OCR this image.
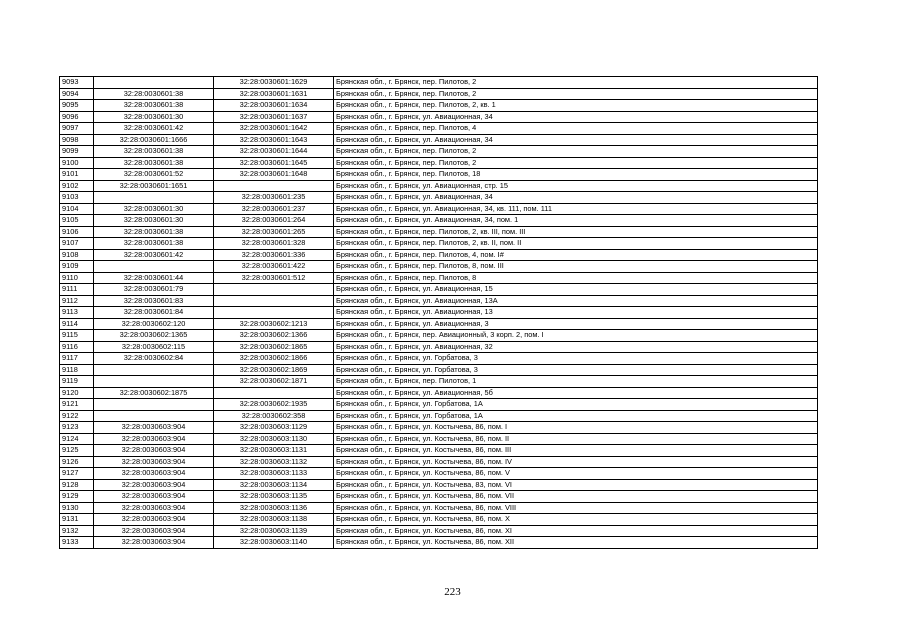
9093		32:28:0030601:1629	Брянская обл., г. Брянск, пер. Пилотов, 2
9094	32:28:0030601:38	32:28:0030601:1631	Брянская обл., г. Брянск, пер. Пилотов, 2
9095	32:28:0030601:38	32:28:0030601:1634	Брянская обл., г. Брянск, пер. Пилотов, 2, кв. 1
9096	32:28:0030601:30	32:28:0030601:1637	Брянская обл., г. Брянск, ул. Авиационная, 34
9097	32:28:0030601:42	32:28:0030601:1642	Брянская обл., г. Брянск, пер. Пилотов, 4
9098	32:28:0030601:1666	32:28:0030601:1643	Брянская обл., г. Брянск, ул. Авиационная, 34
9099	32:28:0030601:38	32:28:0030601:1644	Брянская обл., г. Брянск, пер. Пилотов, 2
9100	32:28:0030601:38	32:28:0030601:1645	Брянская обл., г. Брянск, пер. Пилотов, 2
9101	32:28:0030601:52	32:28:0030601:1648	Брянская обл., г. Брянск, пер. Пилотов, 18
9102	32:28:0030601:1651		Брянская обл., г. Брянск, ул. Авиационная, стр. 15
9103		32:28:0030601:235	Брянская обл., г. Брянск, ул. Авиационная, 34
9104	32:28:0030601:30	32:28:0030601:237	Брянская обл., г. Брянск, ул. Авиационная, 34, кв. 111, пом. 111
9105	32:28:0030601:30	32:28:0030601:264	Брянская обл., г. Брянск, ул. Авиационная, 34, пом. 1
9106	32:28:0030601:38	32:28:0030601:265	Брянская обл., г. Брянск, пер. Пилотов, 2, кв. III, пом. III
9107	32:28:0030601:38	32:28:0030601:328	Брянская обл., г. Брянск, пер. Пилотов, 2, кв. II, пом. II
9108	32:28:0030601:42	32:28:0030601:336	Брянская обл., г. Брянск, пер. Пилотов, 4, пом. I#
9109		32:28:0030601:422	Брянская обл., г. Брянск, пер. Пилотов, 8, пом. III
9110	32:28:0030601:44	32:28:0030601:512	Брянская обл., г. Брянск, пер. Пилотов, 8
9111	32:28:0030601:79		Брянская обл., г. Брянск, ул. Авиационная, 15
9112	32:28:0030601:83		Брянская обл., г. Брянск, ул. Авиационная, 13А
9113	32:28:0030601:84		Брянская обл., г. Брянск, ул. Авиационная, 13
9114	32:28:0030602:120	32:28:0030602:1213	Брянская обл., г. Брянск, ул. Авиационная, 3
9115	32:28:0030602:1365	32:28:0030602:1366	Брянская обл., г. Брянск, пер. Авиационный, 3 корп. 2, пом. I
9116	32:28:0030602:115	32:28:0030602:1865	Брянская обл., г. Брянск, ул. Авиационная, 32
9117	32:28:0030602:84	32:28:0030602:1866	Брянская обл., г. Брянск, ул. Горбатова, 3
9118		32:28:0030602:1869	Брянская обл., г. Брянск, ул. Горбатова, 3
9119		32:28:0030602:1871	Брянская обл., г. Брянск, пер. Пилотов, 1
9120	32:28:0030602:1875		Брянская обл., г. Брянск, ул. Авиационная, 5б
9121		32:28:0030602:1935	Брянская обл., г. Брянск, ул. Горбатова, 1А
9122		32:28:0030602:358	Брянская обл., г. Брянск, ул. Горбатова, 1А
9123	32:28:0030603:904	32:28:0030603:1129	Брянская обл., г. Брянск, ул. Костычева, 86, пом. I
9124	32:28:0030603:904	32:28:0030603:1130	Брянская обл., г. Брянск, ул. Костычева, 86, пом. II
9125	32:28:0030603:904	32:28:0030603:1131	Брянская обл., г. Брянск, ул. Костычева, 86, пом. III
9126	32:28:0030603:904	32:28:0030603:1132	Брянская обл., г. Брянск, ул. Костычева, 86, пом. IV
9127	32:28:0030603:904	32:28:0030603:1133	Брянская обл., г. Брянск, ул. Костычева, 86, пом. V
9128	32:28:0030603:904	32:28:0030603:1134	Брянская обл., г. Брянск, ул. Костычева, 83, пом. VI
9129	32:28:0030603:904	32:28:0030603:1135	Брянская обл., г. Брянск, ул. Костычева, 86, пом. VII
9130	32:28:0030603:904	32:28:0030603:1136	Брянская обл., г. Брянск, ул. Костычева, 86, пом. VIII
9131	32:28:0030603:904	32:28:0030603:1138	Брянская обл., г. Брянск, ул. Костычева, 86, пом. X
9132	32:28:0030603:904	32:28:0030603:1139	Брянская обл., г. Брянск, ул. Костычева, 86, пом. XI
9133	32:28:0030603:904	32:28:0030603:1140	Брянская обл., г. Брянск, ул. Костычева, 86, пом. XII
223
